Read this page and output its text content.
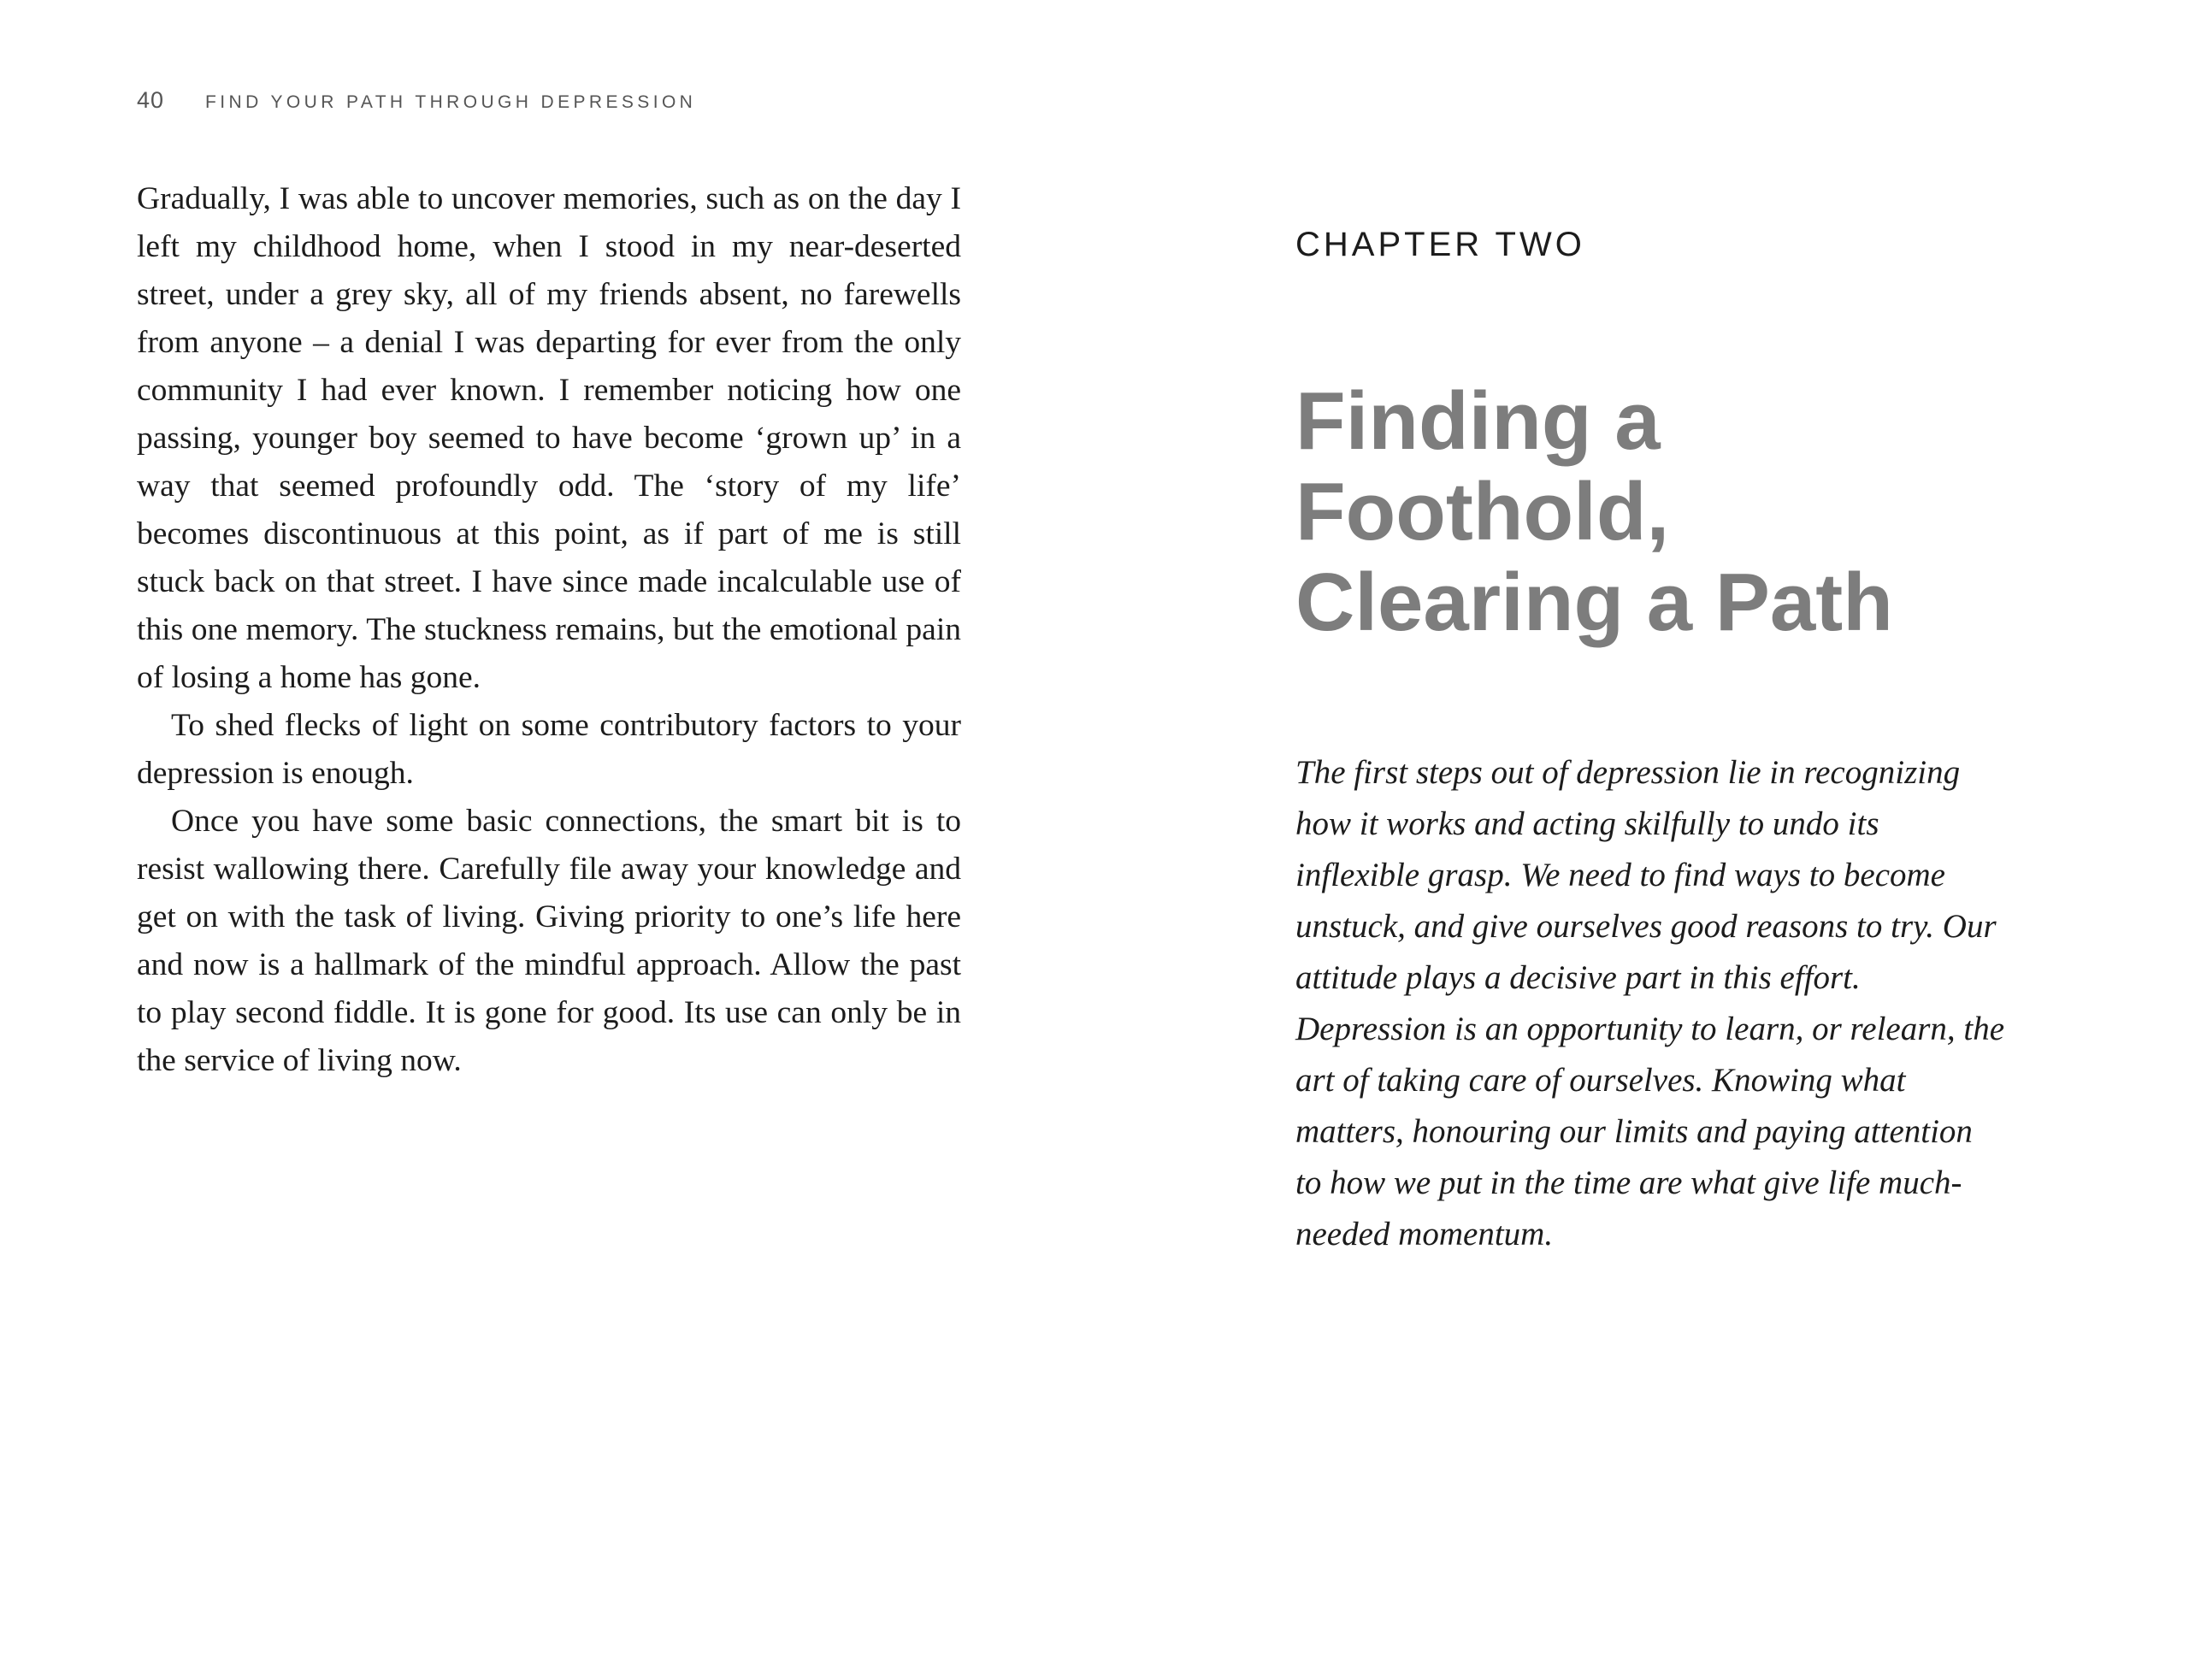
40 FIND YOUR PATH THROUGH DEPRESSION

Gradually, I was able to uncover memories, such as on the day I left my childhood home, when I stood in my near-deserted street, under a grey sky, all of my friends absent, no farewells from anyone – a denial I was departing for ever from the only community I had ever known. I remember noticing how one passing, younger boy seemed to have become ‘grown up’ in a way that seemed profoundly odd. The ‘story of my life’ becomes discontinuous at this point, as if part of me is still stuck back on that street. I have since made incalculable use of this one memory. The stuckness remains, but the emotional pain of losing a home has gone.

To shed flecks of light on some contributory factors to your depression is enough.

Once you have some basic connections, the smart bit is to resist wallowing there. Carefully file away your knowledge and get on with the task of living. Giving priority to one’s life here and now is a hallmark of the mindful approach. Allow the past to play second fiddle. It is gone for good. Its use can only be in the service of living now.

CHAPTER TWO
Finding a
Foothold,
Clearing a Path

The first steps out of depression lie in recognizing
how it works and acting skilfully to undo its
inflexible grasp. We need to find ways to become
unstuck, and give ourselves good reasons to try. Our
attitude plays a decisive part in this effort.
Depression is an opportunity to learn, or relearn, the
art of taking care of ourselves. Knowing what
matters, honouring our limits and paying attention
to how we put in the time are what give life much-
needed momentum.
